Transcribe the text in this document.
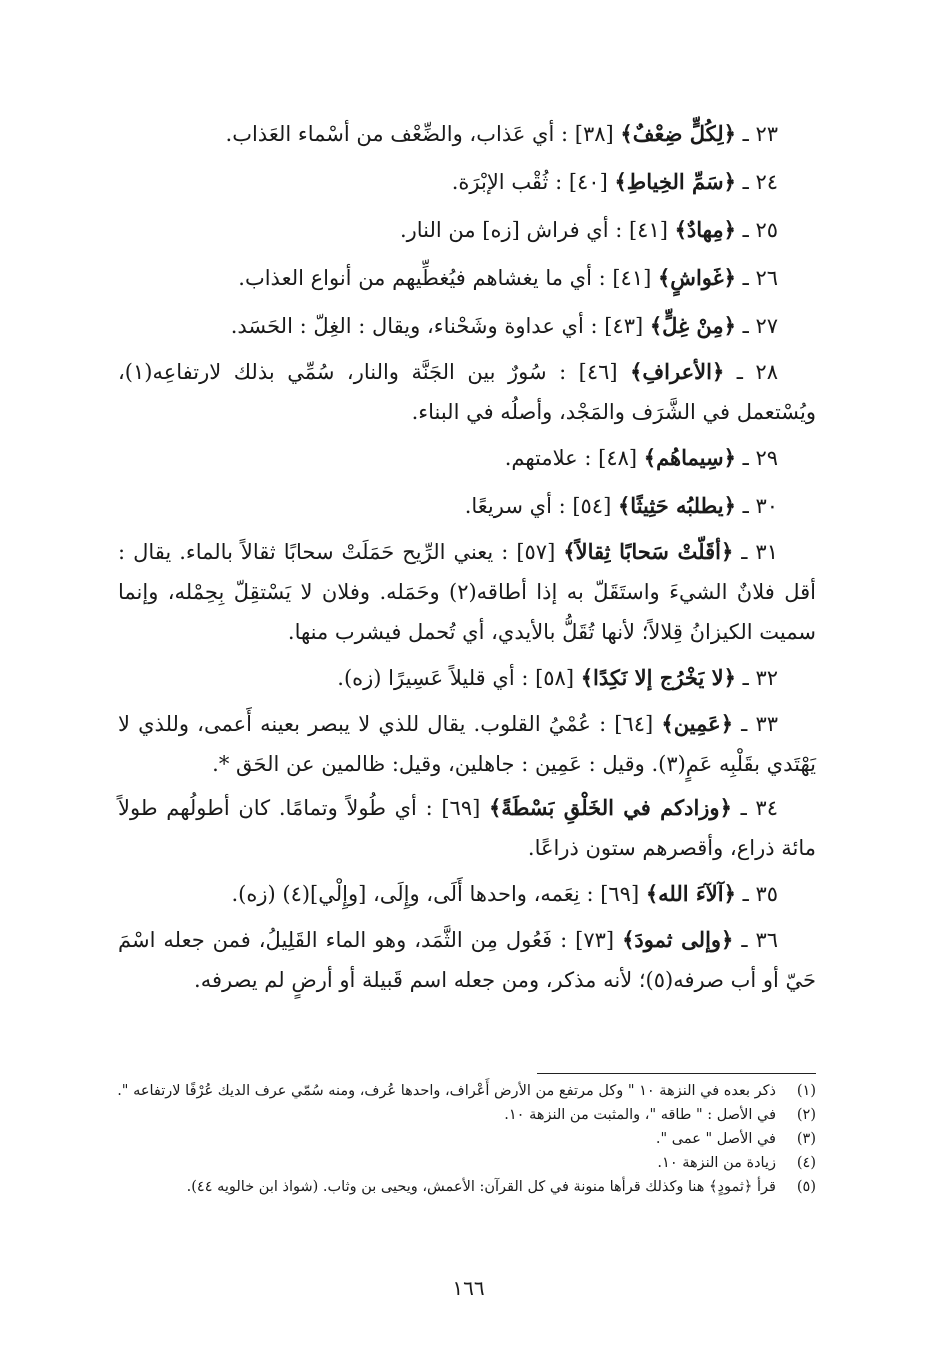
٢٣ ـ ﴿لِكُلٍّ ضِعْفٌ﴾ [٣٨] : أي عَذاب، والضِّعْف من أسْماء العَذاب.

٢٤ ـ ﴿سَمِّ الخِياطِ﴾ [٤٠] : ثُقْب الإبْرَة.

٢٥ ـ ﴿مِهادٌ﴾ [٤١] : أي فراش [زه] من النار.

٢٦ ـ ﴿غَواشٍ﴾ [٤١] : أي ما يغشاهم فيُغطِّيهم من أنواع العذاب.

٢٧ ـ ﴿مِنْ غِلٍّ﴾ [٤٣] : أي عداوة وشَحْناء، ويقال : الغِلّ : الحَسَد.

٢٨ ـ ﴿الأعرافِ﴾ [٤٦] : سُورٌ بين الجَنَّة والنار، سُمِّي بذلك لارتفاعِه(١)، ويُسْتعمل في الشَّرَف والمَجْد، وأصلُه في البناء.

٢٩ ـ ﴿سِيماهُم﴾ [٤٨] : علامتهم.

٣٠ ـ ﴿يطلبُه حَثِيثًا﴾ [٥٤] : أي سريعًا.

٣١ ـ ﴿أقَلّتْ سَحابًا ثِقالاً﴾ [٥٧] : يعني الرِّيح حَمَلَتْ سحابًا ثقالاً بالماء. يقال : أقل فلانٌ الشيءَ واستَقَلّ به إذا أطاقه(٢) وحَمَله. وفلان لا يَسْتقِلّ بِحِمْله، وإنما سميت الكيزانُ قِلالاً؛ لأنها تُقَلُّ بالأيدي، أي تُحمل فيشرب منها.

٣٢ ـ ﴿لا يَخْرُج إلا نَكِدًا﴾ [٥٨] : أي قليلاً عَسِيرًا (زه).

٣٣ ـ ﴿عَمِين﴾ [٦٤] : عُمْيُ القلوب. يقال للذي لا يبصر بعينه أَعمى، وللذي لا يَهْتَدي بقَلْبِه عَمٍ(٣). وقيل : عَمِين : جاهلين، وقيل: ظالمين عن الحَق *.

٣٤ ـ ﴿وزادكم في الخَلْقِ بَسْطَةً﴾ [٦٩] : أي طُولاً وتمامًا. كان أطولُهم طولاً مائة ذراع، وأقصرهم ستون ذراعًا.

٣٥ ـ ﴿آلآءَ الله﴾ [٦٩] : نِعَمه، واحدها أَلَى، وإِلَى، [وإِلْي](٤) (زه).

٣٦ ـ ﴿وإلى ثمودَ﴾ [٧٣] : فَعُول مِن الثَّمَد، وهو الماء القَلِيلُ، فمن جعله اسْمَ حَيّ أو أب صرفه(٥)؛ لأنه مذكر، ومن جعله اسم قَبيلة أو أرضٍ لم يصرفه.

(١)
ذكر بعده في النزهة ١٠ " وكل مرتفع من الأرض أَعْراف، واحدها عُرف، ومنه سُمّي عرف الديك عُرْفًا لارتفاعه ".
(٢)
في الأصل : " طاقه "، والمثبت من النزهة ١٠.
(٣)
في الأصل " عمى ".
(٤)
زيادة من النزهة ١٠.
(٥)
قرأ ﴿ثمودٍ﴾ هنا وكذلك قرأها منونة في كل القرآن: الأعمش، ويحيى بن وثاب. (شواذ ابن خالويه ٤٤).
١٦٦
